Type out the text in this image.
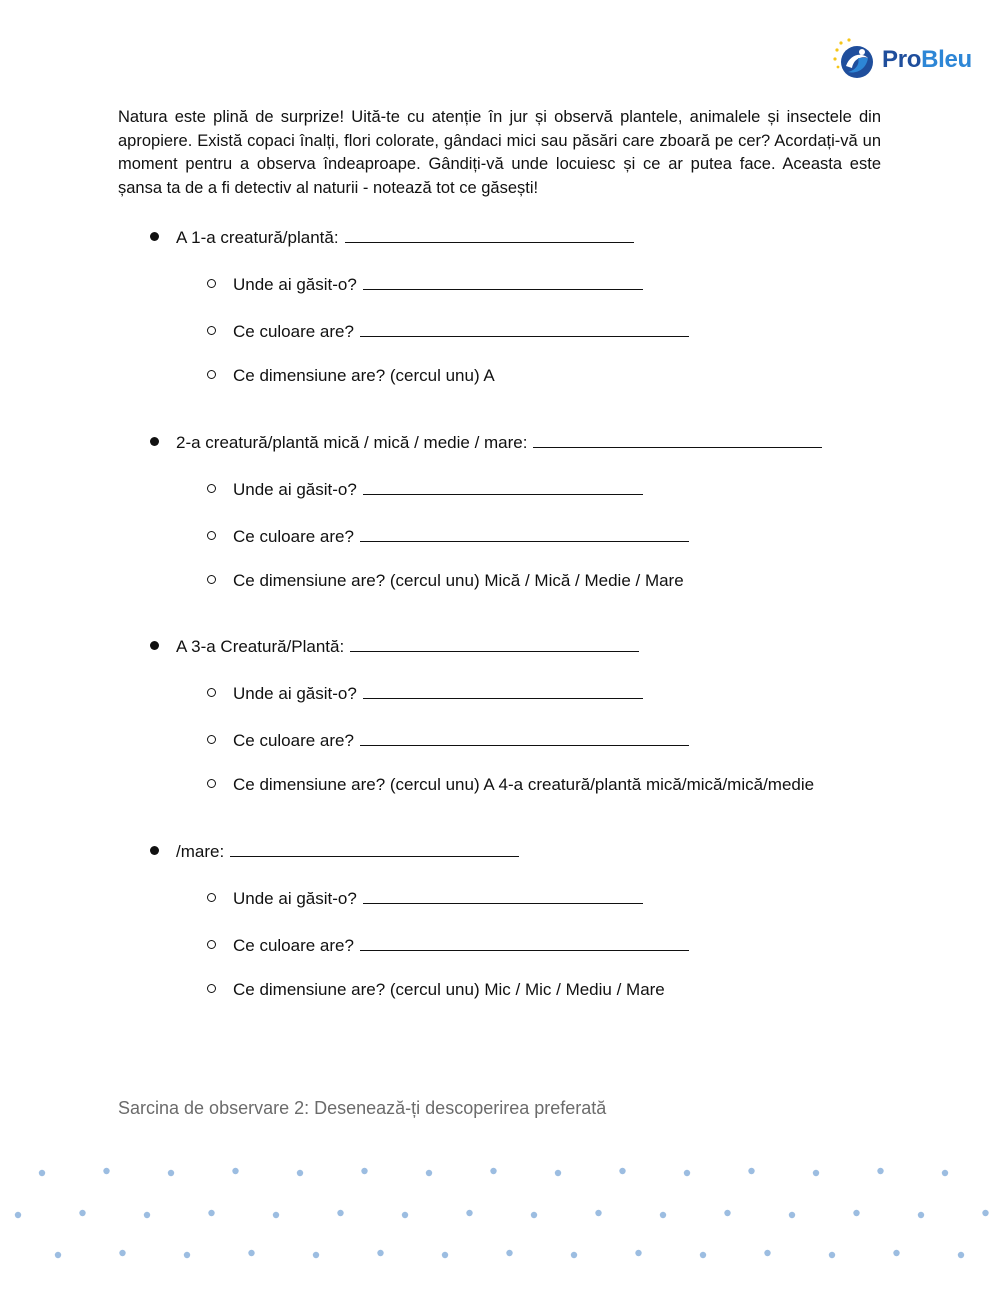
ProBleu

Natura este plină de surprize! Uită-te cu atenție în jur și observă plantele, animalele și insectele din apropiere. Există copaci înalți, flori colorate, gândaci mici sau păsări care zboară pe cer? Acordați-vă un moment pentru a observa îndeaproape. Gândiți-vă unde locuiesc și ce ar putea face. Aceasta este șansa ta de a fi detectiv al naturii - notează tot ce găsești!

A 1-a creatură/plantă:
Unde ai găsit-o?
Ce culoare are?
Ce dimensiune are? (cercul unu) A
2-a creatură/plantă mică / mică / medie / mare:
Unde ai găsit-o?
Ce culoare are?
Ce dimensiune are? (cercul unu) Mică / Mică / Medie / Mare
A 3-a Creatură/Plantă:
Unde ai găsit-o?
Ce culoare are?
Ce dimensiune are? (cercul unu) A 4-a creatură/plantă mică/mică/mică/medie
/mare:
Unde ai găsit-o?
Ce culoare are?
Ce dimensiune are? (cercul unu) Mic / Mic / Mediu / Mare
Sarcina de observare 2: Desenează-ți descoperirea preferată
